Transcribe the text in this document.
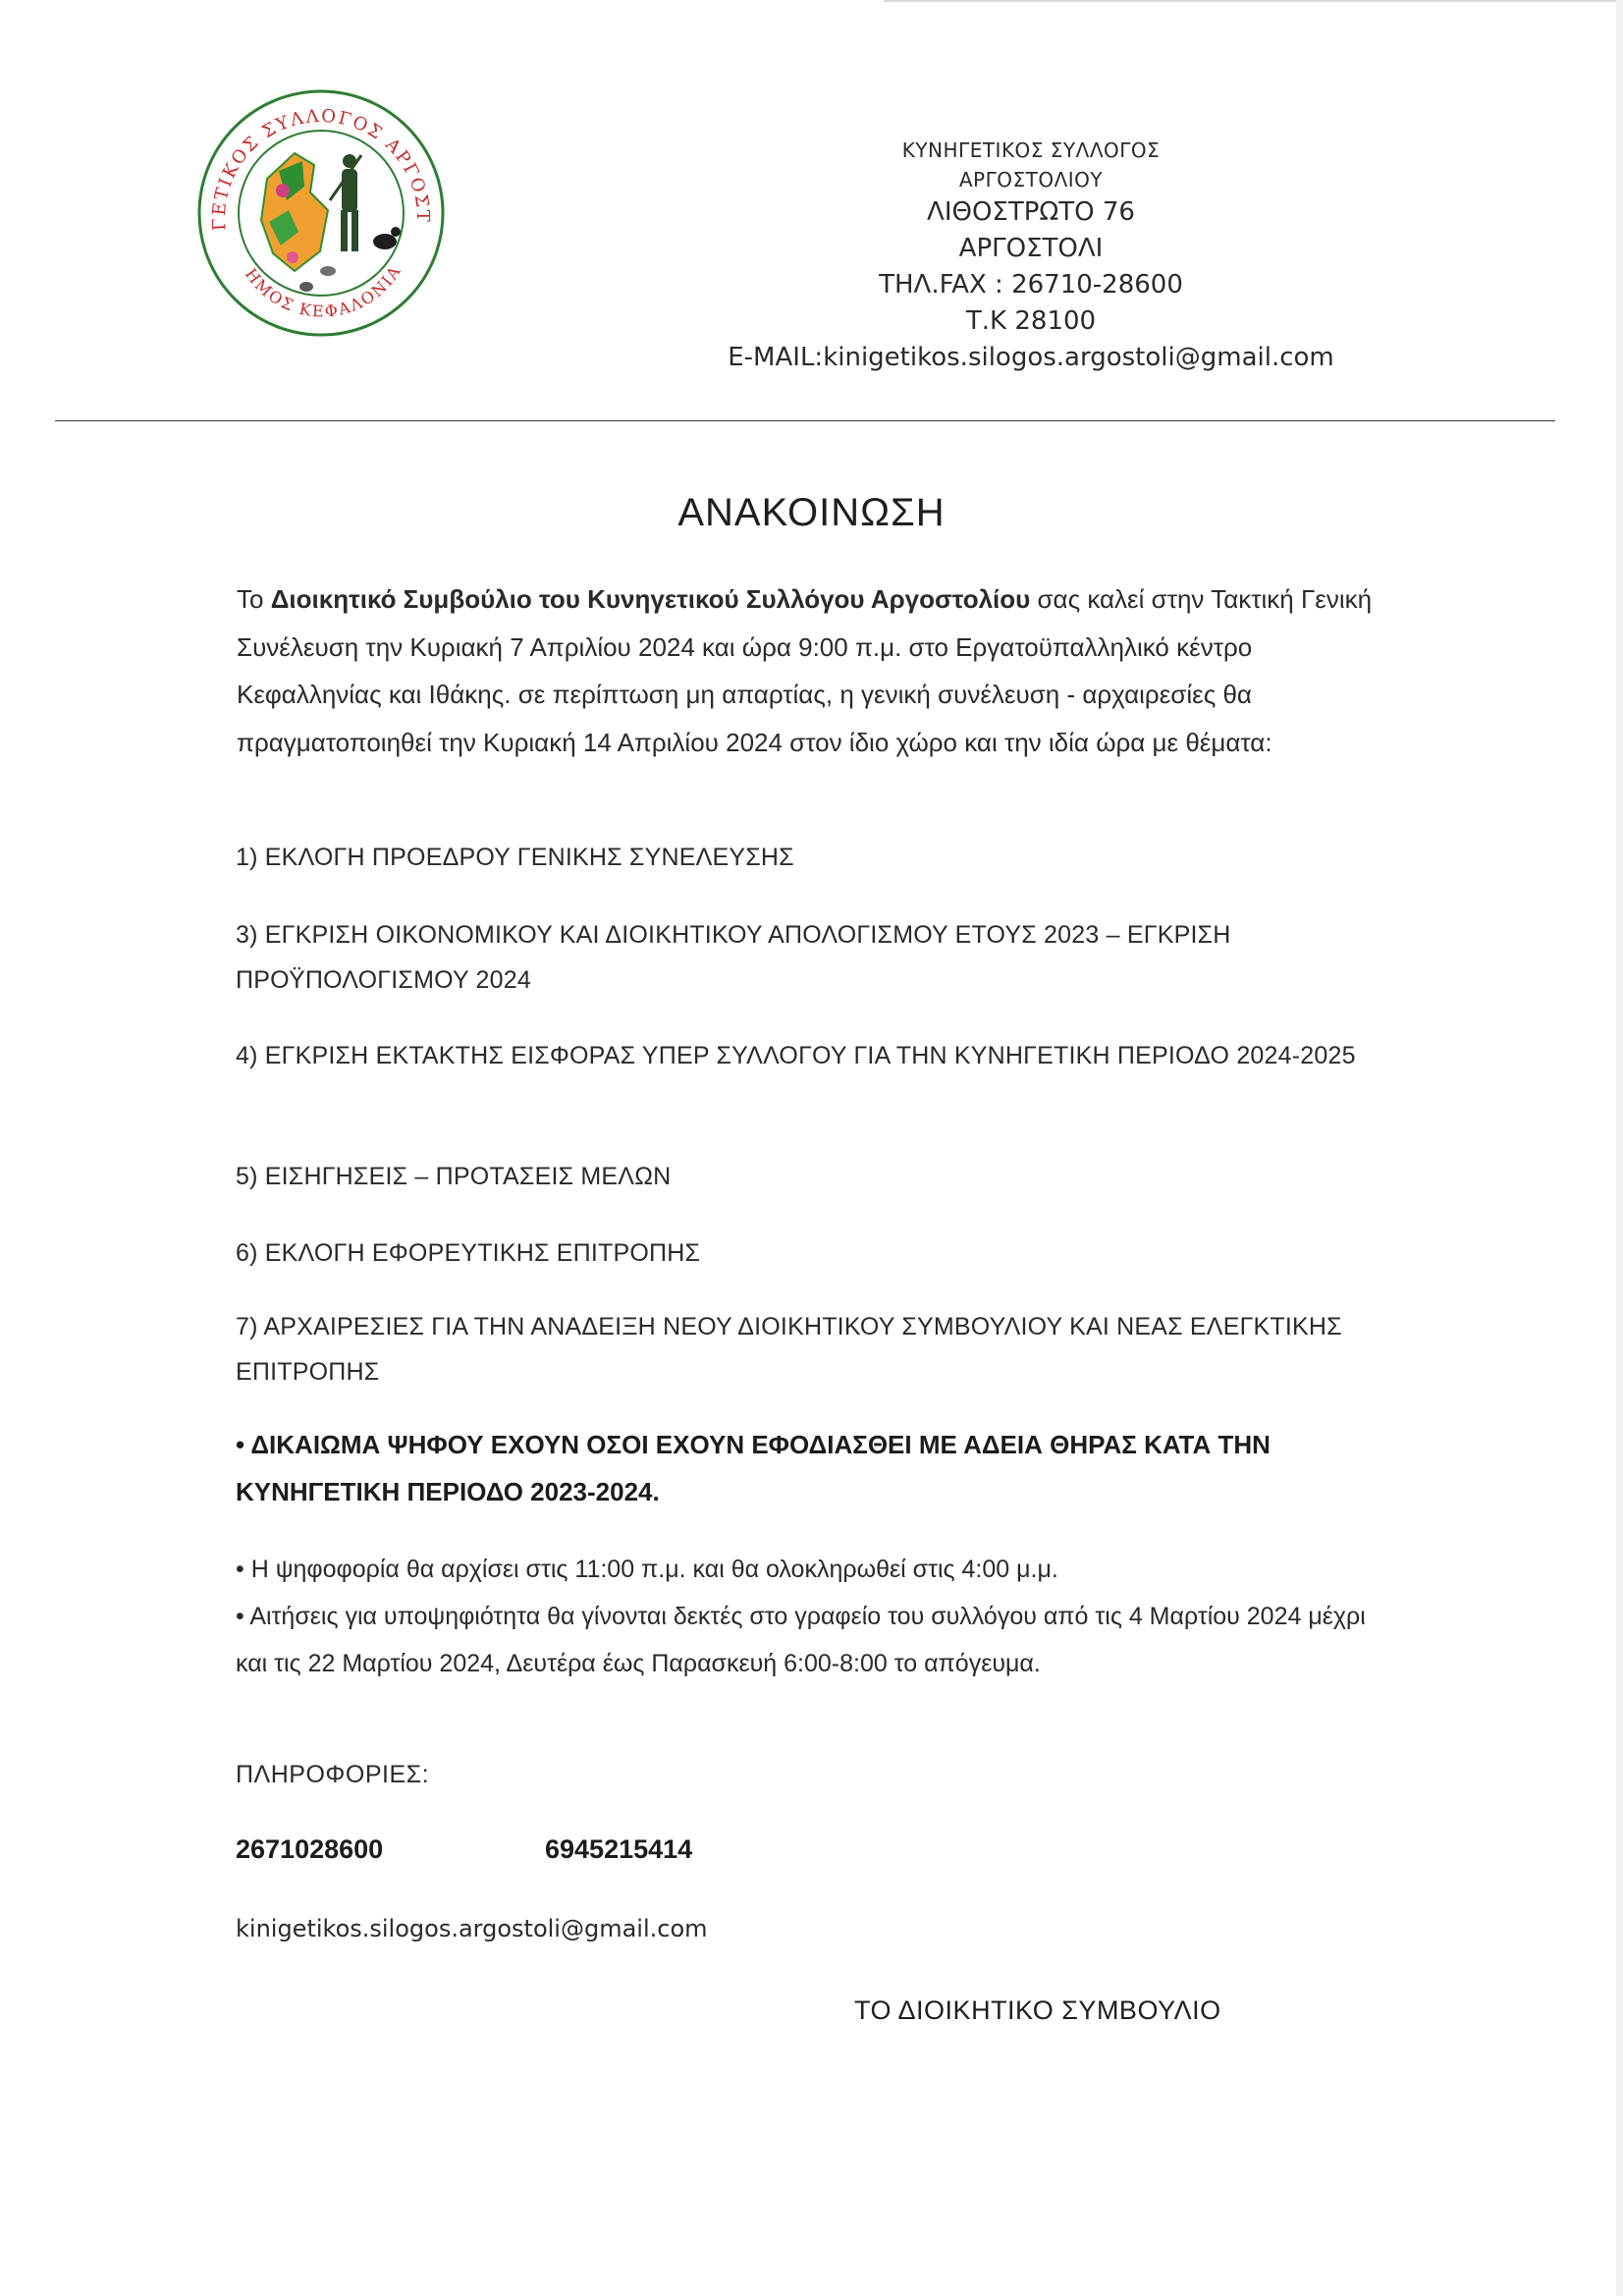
ΓΕΤΙΚΟΣ ΣΥΛΛΟΓΟΣ ΑΡΓΟΣΤ
ΗΜΟΣ ΚΕΦΑΛΟΝΙΑ
ΚΥΝΗΓΕΤΙΚΟΣ ΣΥΛΛΟΓΟΣ
ΑΡΓΟΣΤΟΛΙΟΥ
ΛΙΘΟΣΤΡΩΤΟ 76
ΑΡΓΟΣΤΟΛΙ
ΤΗΛ.FAX : 26710-28600
Τ.Κ 28100
E-MAIL:kinigetikos.silogos.argostoli@gmail.com
ΑΝΑΚΟΙΝΩΣΗ
Το Διοικητικό Συμβούλιο του Κυνηγετικού Συλλόγου Αργοστολίου σας καλεί στην Τακτική Γενική Συνέλευση την Κυριακή 7 Απριλίου 2024 και ώρα 9:00 π.μ. στο Εργατοϋπαλληλικό κέντρο Κεφαλληνίας και Ιθάκης. σε περίπτωση μη απαρτίας, η γενική συνέλευση - αρχαιρεσίες θα πραγματοποιηθεί την Κυριακή 14 Απριλίου 2024 στον ίδιο χώρο και την ιδία ώρα με θέματα:
1) ΕΚΛΟΓΗ ΠΡΟΕΔΡΟΥ ΓΕΝΙΚΗΣ ΣΥΝΕΛΕΥΣΗΣ
3) ΕΓΚΡΙΣΗ ΟΙΚΟΝΟΜΙΚΟΥ ΚΑΙ ΔΙΟΙΚΗΤΙΚΟΥ ΑΠΟΛΟΓΙΣΜΟΥ ΕΤΟΥΣ 2023 – ΕΓΚΡΙΣΗ ΠΡΟΫΠΟΛΟΓΙΣΜΟΥ 2024
4) ΕΓΚΡΙΣΗ ΕΚΤΑΚΤΗΣ ΕΙΣΦΟΡΑΣ ΥΠΕΡ ΣΥΛΛΟΓΟΥ ΓΙΑ ΤΗΝ ΚΥΝΗΓΕΤΙΚΗ ΠΕΡΙΟΔΟ 2024-2025
5) ΕΙΣΗΓΗΣΕΙΣ – ΠΡΟΤΑΣΕΙΣ ΜΕΛΩΝ
6) ΕΚΛΟΓΗ ΕΦΟΡΕΥΤΙΚΗΣ ΕΠΙΤΡΟΠΗΣ
7) ΑΡΧΑΙΡΕΣΙΕΣ ΓΙΑ ΤΗΝ ΑΝΑΔΕΙΞΗ ΝΕΟΥ ΔΙΟΙΚΗΤΙΚΟΥ ΣΥΜΒΟΥΛΙΟΥ ΚΑΙ ΝΕΑΣ ΕΛΕΓΚΤΙΚΗΣ ΕΠΙΤΡΟΠΗΣ
• ΔΙΚΑΙΩΜΑ ΨΗΦΟΥ ΕΧΟΥΝ ΟΣΟΙ ΕΧΟΥΝ ΕΦΟΔΙΑΣΘΕΙ ΜΕ ΑΔΕΙΑ ΘΗΡΑΣ ΚΑΤΑ ΤΗΝ ΚΥΝΗΓΕΤΙΚΗ ΠΕΡΙΟΔΟ 2023-2024.
• Η ψηφοφορία θα αρχίσει στις 11:00 π.μ. και θα ολοκληρωθεί στις 4:00 μ.μ.
• Αιτήσεις για υποψηφιότητα θα γίνονται δεκτές στο γραφείο του συλλόγου από τις 4 Μαρτίου 2024 μέχρι και τις 22 Μαρτίου 2024, Δευτέρα έως Παρασκευή 6:00-8:00 το απόγευμα.
ΠΛΗΡΟΦΟΡΙΕΣ:
2671028600	6945215414
kinigetikos.silogos.argostoli@gmail.com
ΤΟ ΔΙΟΙΚΗΤΙΚΟ ΣΥΜΒΟΥΛΙΟ
